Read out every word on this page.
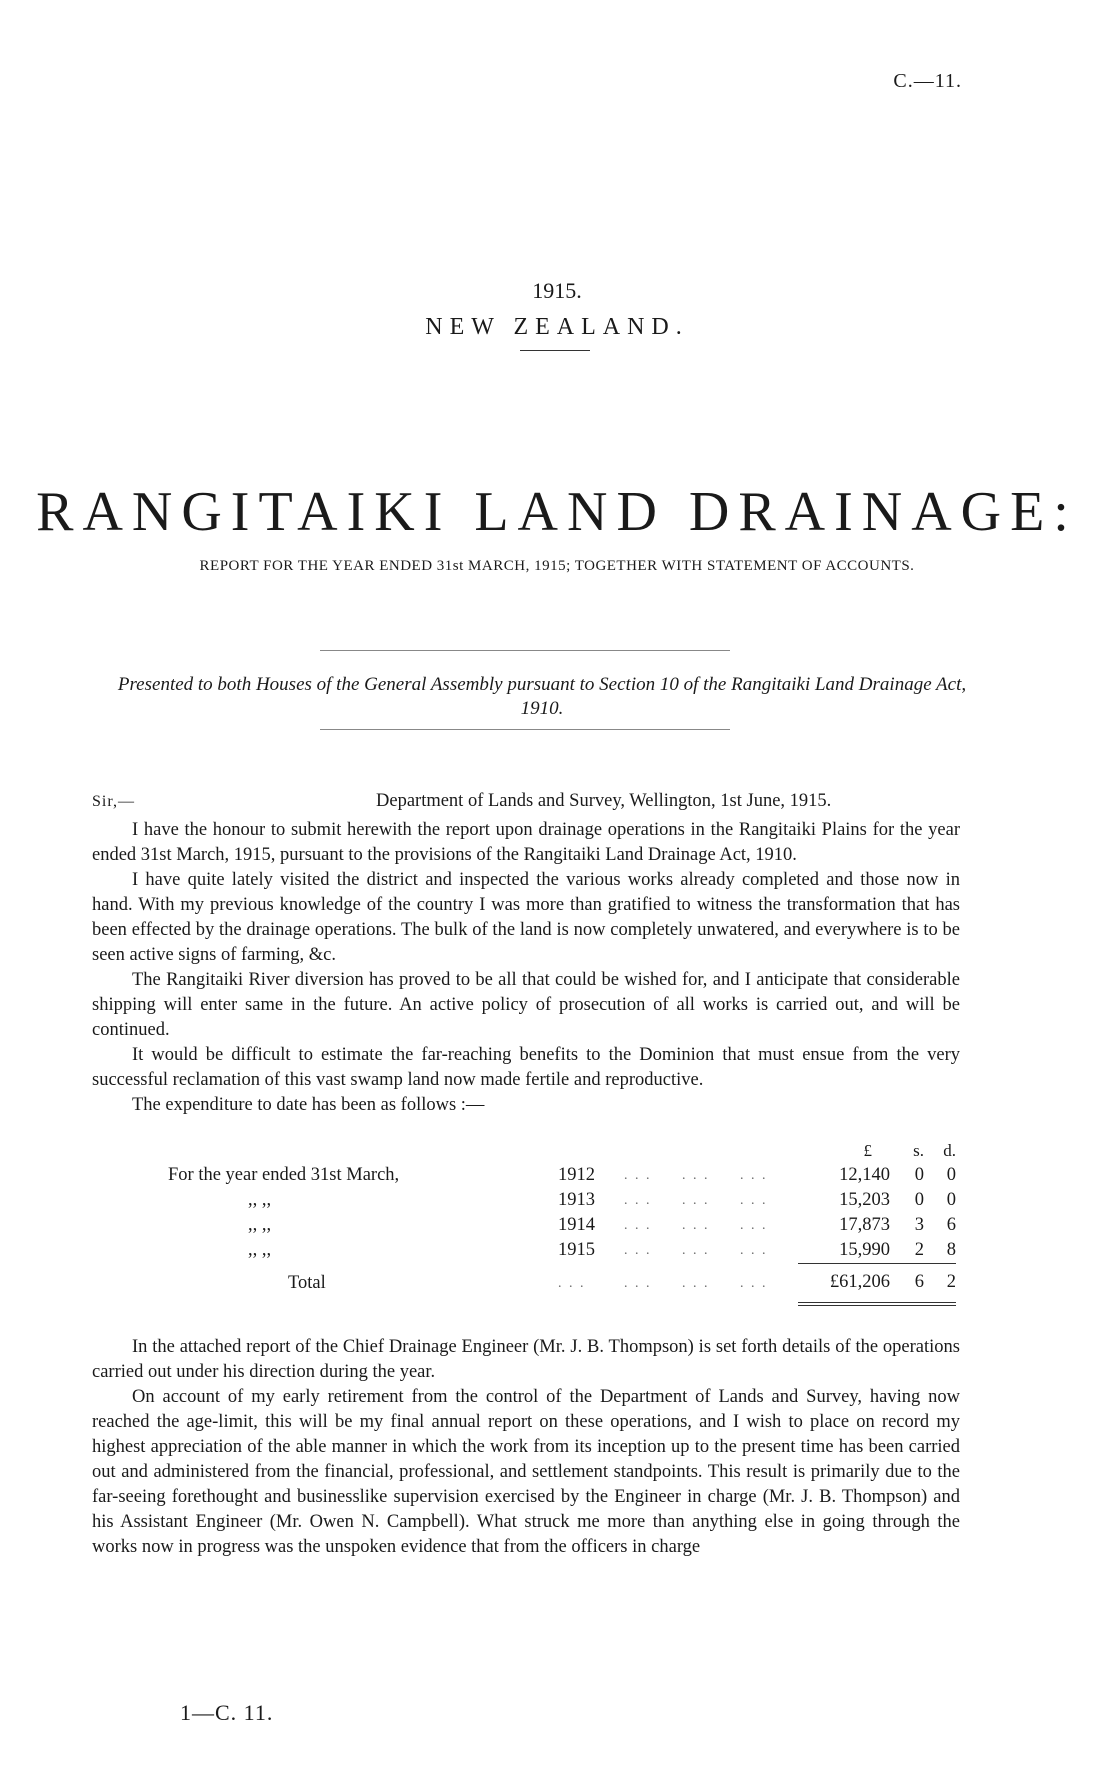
C.—11.
1915.
NEW ZEALAND.
RANGITAIKI LAND DRAINAGE:
REPORT FOR THE YEAR ENDED 31st MARCH, 1915; TOGETHER WITH STATEMENT OF ACCOUNTS.
Presented to both Houses of the General Assembly pursuant to Section 10 of the Rangitaiki Land Drainage Act, 1910.
Sir,—	Department of Lands and Survey, Wellington, 1st June, 1915.

I have the honour to submit herewith the report upon drainage operations in the Rangitaiki Plains for the year ended 31st March, 1915, pursuant to the provisions of the Rangitaiki Land Drainage Act, 1910.

I have quite lately visited the district and inspected the various works already completed and those now in hand. With my previous knowledge of the country I was more than gratified to witness the transformation that has been effected by the drainage operations. The bulk of the land is now completely unwatered, and everywhere is to be seen active signs of farming, &c.

The Rangitaiki River diversion has proved to be all that could be wished for, and I anticipate that considerable shipping will enter same in the future. An active policy of prosecution of all works is carried out, and will be continued.

It would be difficult to estimate the far-reaching benefits to the Dominion that must ensue from the very successful reclamation of this vast swamp land now made fertile and reproductive.

The expenditure to date has been as follows :—

					£	s.	d.
For the year ended 31st March,	1912	. . .	. . .	. . .	12,140	0	0
,, ,,	1913	. . .	. . .	. . .	15,203	0	0
,, ,,	1914	. . .	. . .	. . .	17,873	3	6
,, ,,	1915	. . .	. . .	. . .	15,990	2	8
Total	. . .	. . .	. . .	. . .	£61,206	6	2

In the attached report of the Chief Drainage Engineer (Mr. J. B. Thompson) is set forth details of the operations carried out under his direction during the year.

On account of my early retirement from the control of the Department of Lands and Survey, having now reached the age-limit, this will be my final annual report on these operations, and I wish to place on record my highest appreciation of the able manner in which the work from its inception up to the present time has been carried out and administered from the financial, professional, and settlement standpoints. This result is primarily due to the far-seeing forethought and businesslike supervision exercised by the Engineer in charge (Mr. J. B. Thompson) and his Assistant Engineer (Mr. Owen N. Campbell). What struck me more than anything else in going through the works now in progress was the unspoken evidence that from the officers in charge

1—C. 11.
